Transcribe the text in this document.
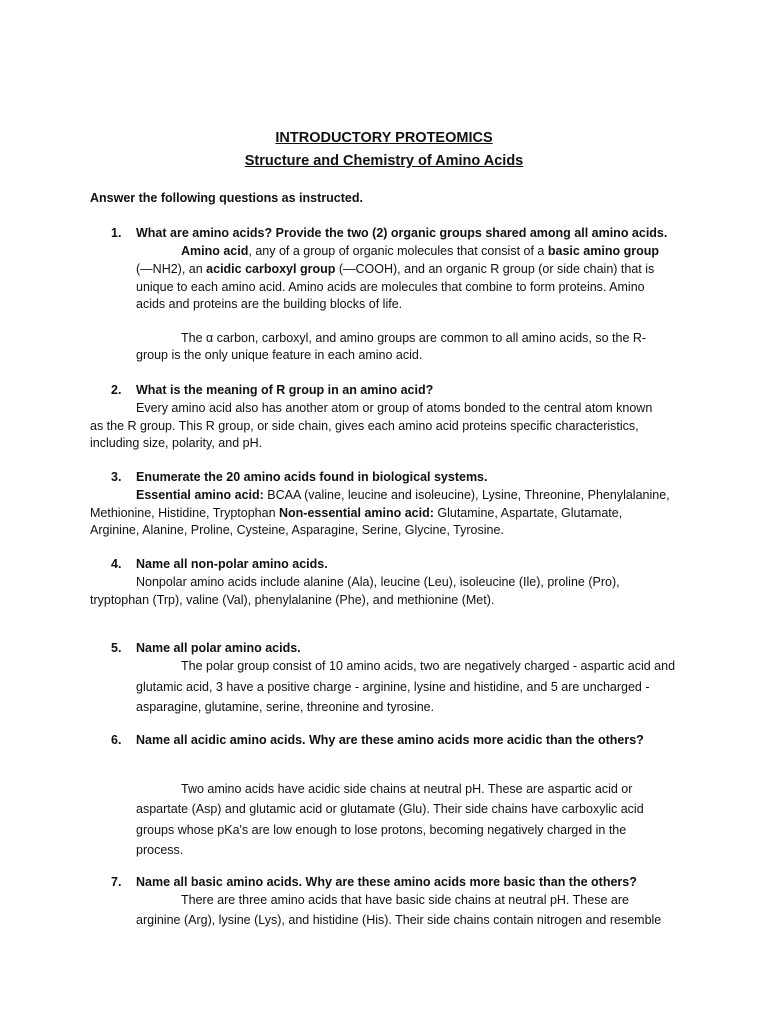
INTRODUCTORY PROTEOMICS
Structure and Chemistry of Amino Acids
Answer the following questions as instructed.
1. What are amino acids? Provide the two (2) organic groups shared among all amino acids.
Amino acid, any of a group of organic molecules that consist of a basic amino group
(—NH2), an acidic carboxyl group (—COOH), and an organic R group (or side chain) that is
unique to each amino acid. Amino acids are molecules that combine to form proteins. Amino
acids and proteins are the building blocks of life.
The α carbon, carboxyl, and amino groups are common to all amino acids, so the R-
group is the only unique feature in each amino acid.
2. What is the meaning of R group in an amino acid?
Every amino acid also has another atom or group of atoms bonded to the central atom known
as the R group. This R group, or side chain, gives each amino acid proteins specific characteristics,
including size, polarity, and pH.
3. Enumerate the 20 amino acids found in biological systems.
Essential amino acid: BCAA (valine, leucine and isoleucine), Lysine, Threonine, Phenylalanine,
Methionine, Histidine, Tryptophan Non-essential amino acid: Glutamine, Aspartate, Glutamate,
Arginine, Alanine, Proline, Cysteine, Asparagine, Serine, Glycine, Tyrosine.
4. Name all non-polar amino acids.
Nonpolar amino acids include alanine (Ala), leucine (Leu), isoleucine (Ile), proline (Pro),
tryptophan (Trp), valine (Val), phenylalanine (Phe), and methionine (Met).
5. Name all polar amino acids.
The polar group consist of 10 amino acids, two are negatively charged - aspartic acid and
glutamic acid, 3 have a positive charge - arginine, lysine and histidine, and 5 are uncharged -
asparagine, glutamine, serine, threonine and tyrosine.
6. Name all acidic amino acids. Why are these amino acids more acidic than the others?
Two amino acids have acidic side chains at neutral pH. These are aspartic acid or
aspartate (Asp) and glutamic acid or glutamate (Glu). Their side chains have carboxylic acid
groups whose pKa's are low enough to lose protons, becoming negatively charged in the
process.
7. Name all basic amino acids. Why are these amino acids more basic than the others?
There are three amino acids that have basic side chains at neutral pH. These are
arginine (Arg), lysine (Lys), and histidine (His). Their side chains contain nitrogen and resemble
